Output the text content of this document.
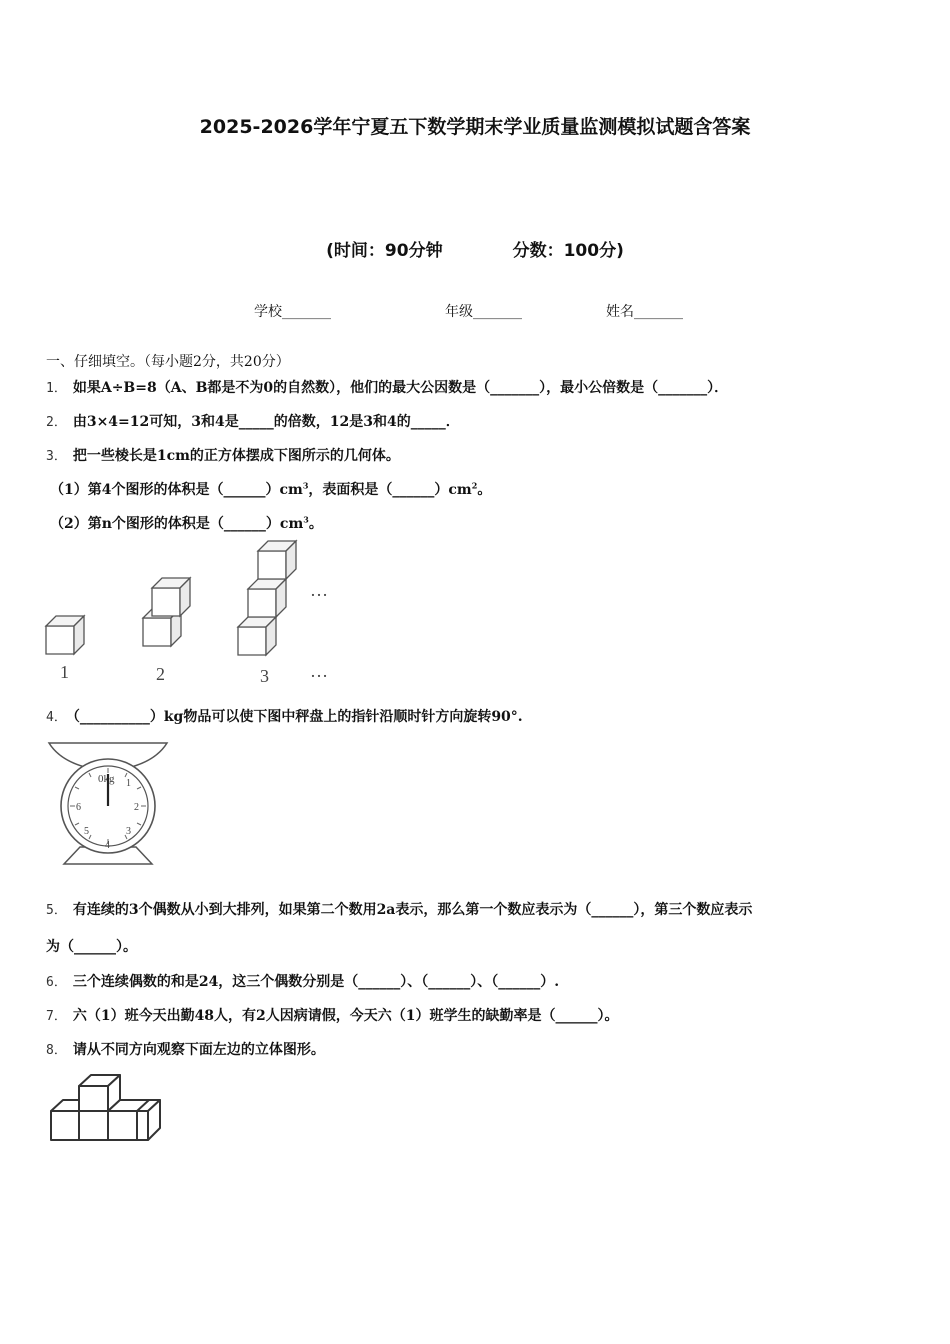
2025-2026学年宁夏五下数学期末学业质量监测模拟试题含答案
(时间：90分钟	分数：100分)
学校_______	年级_______	姓名_______
一、仔细填空。（每小题2分，共20分）
1． 如果A÷B=8（A、B都是不为0的自然数），他们的最大公因数是（_______），最小公倍数是（_______）．
2． 由3×4=12可知，3和4是_____的倍数，12是3和4的_____．
3． 把一些棱长是1cm的正方体摆成下图所示的几何体。
（1）第4个图形的体积是$(\_\_\_\_\_\_)cm^3$，表面积是$(\_\_\_\_\_\_)cm^2$。
（2）第n个图形的体积是$(\_\_\_\_\_\_)cm^3$。
1	2	3
…
…
4． （__________）kg物品可以使下图中秤盘上的指针沿顺时针方向旋转90°.
0kg 1
2
3
4
5
6
5． 有连续的3个偶数从小到大排列，如果第二个数用2a表示，那么第一个数应表示为（______），第三个数应表示
为（______）。
6． 三个连续偶数的和是24，这三个偶数分别是（______）、（______）、（______）.
7． 六（1）班今天出勤48人，有2人因病请假，今天六（1）班学生的缺勤率是（______）。
8． 请从不同方向观察下面左边的立体图形。
